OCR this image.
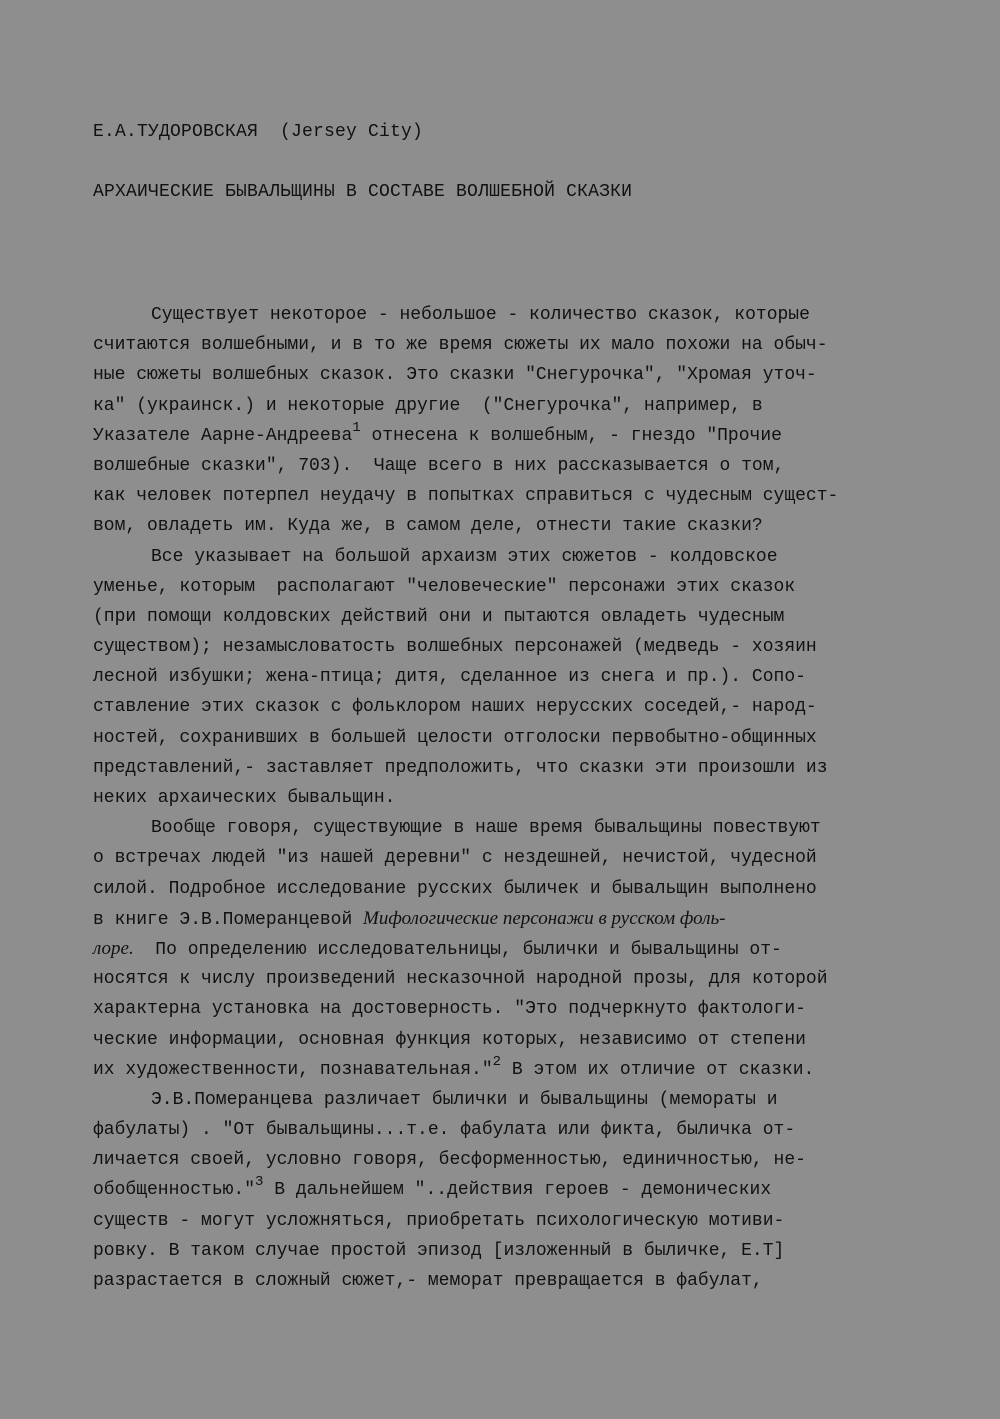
Е.А.ТУДОРОВСКАЯ  (Jersey City)
АРХАИЧЕСКИЕ БЫВАЛЬЩИНЫ В СОСТАВЕ ВОЛШЕБНОЙ СКАЗКИ
Существует некоторое - небольшое - количество сказок, которые
считаются волшебными, и в то же время сюжеты их мало похожи на обыч-
ные сюжеты волшебных сказок. Это сказки "Снегурочка", "Хромая уточ-
ка" (украинск.) и некоторые другие  ("Снегурочка", например, в
Указателе Аарне-Андреева$^1$ отнесена к волшебным, - гнездо "Прочие
волшебные сказки", 703).  Чаще всего в них рассказывается о том,
как человек потерпел неудачу в попытках справиться с чудесным сущест-
вом, овладеть им. Куда же, в самом деле, отнести такие сказки?
Все указывает на большой архаизм этих сюжетов - колдовское
уменье, которым  располагают "человеческие" персонажи этих сказок
(при помощи колдовских действий они и пытаются овладеть чудесным
существом); незамысловатость волшебных персонажей (медведь - хозяин
лесной избушки; жена-птица; дитя, сделанное из снега и пр.). Сопо-
ставление этих сказок с фольклором наших нерусских соседей,- народ-
ностей, сохранивших в большей целости отголоски первобытно-общинных
представлений,- заставляет предположить, что сказки эти произошли из
неких архаических бывальщин.
Вообще говоря, существующие в наше время бывальщины повествуют
о встречах людей "из нашей деревни" с нездешней, нечистой, чудесной
силой. Подробное исследование русских быличек и бывальщин выполнено
в книге Э.В.Померанцевой Мифологические персонажи в русском фоль-
лоре.  По определению исследовательницы, былички и бывальщины от-
носятся к числу произведений несказочной народной прозы, для которой
характерна установка на достоверность. "Это подчеркнуто фактологи-
ческие информации, основная функция которых, независимо от степени
их художественности, познавательная."$^2$ В этом их отличие от сказки.
Э.В.Померанцева различает былички и бывальщины (мемораты и
фабулаты) . "От бывальщины...т.е. фабулата или фикта, быличка от-
личается своей, условно говоря, бесформенностью, единичностью, не-
обобщенностью."$^3$ В дальнейшем "..действия героев - демонических
существ - могут усложняться, приобретать психологическую мотиви-
ровку. В таком случае простой эпизод [изложенный в быличке, Е.Т]
разрастается в сложный сюжет,- меморат превращается в фабулат,
